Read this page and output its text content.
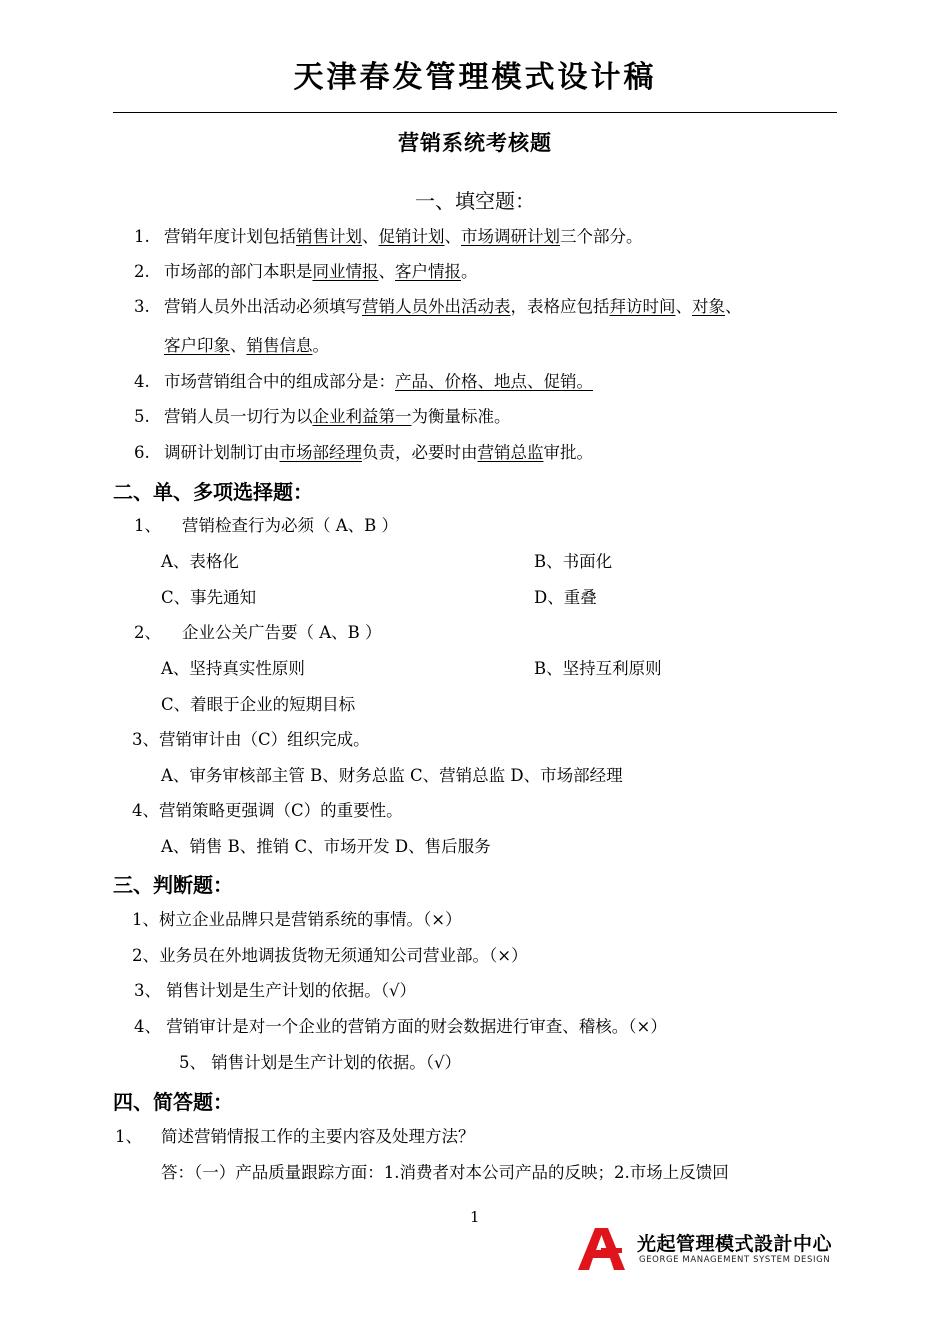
天津春发管理模式设计稿
营销系统考核题
一、填空题：
1. 营销年度计划包括销售计划、促销计划、市场调研计划三个部分。
2. 市场部的部门本职是同业情报、客户情报。
3. 营销人员外出活动必须填写营销人员外出活动表，表格应包括拜访时间、对象、
客户印象、销售信息。
4. 市场营销组合中的组成部分是：产品、价格、地点、促销。
5. 营销人员一切行为以企业利益第一为衡量标准。
6. 调研计划制订由市场部经理负责，必要时由营销总监审批。
二、单、多项选择题：
1、 营销检查行为必须（ A、B ）
A、表格化	B、书面化
C、事先通知	D、重叠
2、 企业公关广告要（ A、B ）
A、坚持真实性原则	B、坚持互利原则
C、着眼于企业的短期目标
3、营销审计由（C）组织完成。
A、审务审核部主管 B、财务总监 C、营销总监 D、市场部经理
4、营销策略更强调（C）的重要性。
A、销售 B、推销 C、市场开发 D、售后服务
三、判断题：
1、树立企业品牌只是营销系统的事情。（×）
2、业务员在外地调拔货物无须通知公司营业部。（×）
3、 销售计划是生产计划的依据。（√）
4、 营销审计是对一个企业的营销方面的财会数据进行审查、稽核。（×）
5、 销售计划是生产计划的依据。（√）
四、简答题：
1、 简述营销情报工作的主要内容及处理方法？
答：（一）产品质量跟踪方面：1.消费者对本公司产品的反映；2.市场上反馈回
1
光起管理模式設計中心
GEORGE MANAGEMENT SYSTEM DESIGN
